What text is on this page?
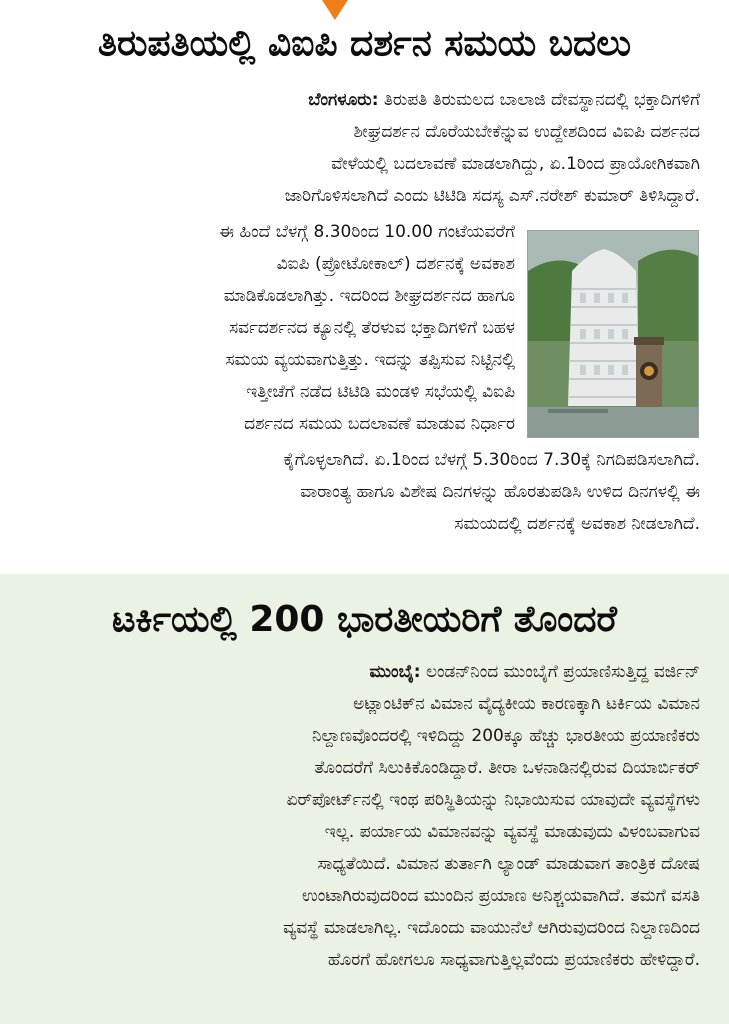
ತಿರುಪತಿಯಲ್ಲಿ ವಿಐಪಿ ದರ್ಶನ ಸಮಯ ಬದಲು
ಬೆಂಗಳೂರು: ತಿರುಪತಿ ತಿರುಮಲದ ಬಾಲಾಜಿ ದೇವಸ್ಥಾನದಲ್ಲಿ ಭಕ್ತಾದಿಗಳಿಗೆ
ಶೀಘ್ರದರ್ಶನ ದೊರೆಯಬೇಕೆನ್ನುವ ಉದ್ದೇಶದಿಂದ ವಿಐಪಿ ದರ್ಶನದ
ವೇಳೆಯಲ್ಲಿ ಬದಲಾವಣೆ ಮಾಡಲಾಗಿದ್ದು, ಏ.1ರಿಂದ ಪ್ರಾಯೋಗಿಕವಾಗಿ
ಜಾರಿಗೊಳಿಸಲಾಗಿದೆ ಎಂದು ಟಿಟಿಡಿ ಸದಸ್ಯ ಎಸ್.ನರೇಶ್ ಕುಮಾರ್ ತಿಳಿಸಿದ್ದಾರೆ.
ಈ ಹಿಂದೆ ಬೆಳಗ್ಗೆ 8.30ರಿಂದ 10.00 ಗಂಟೆಯವರೆಗೆ
ವಿಐಪಿ (ಪ್ರೋಟೋಕಾಲ್) ದರ್ಶನಕ್ಕೆ ಅವಕಾಶ
ಮಾಡಿಕೊಡಲಾಗಿತ್ತು. ಇದರಿಂದ ಶೀಘ್ರದರ್ಶನದ ಹಾಗೂ
ಸರ್ವದರ್ಶನದ ಕ್ಯೂನಲ್ಲಿ ತೆರಳುವ ಭಕ್ತಾದಿಗಳಿಗೆ ಬಹಳ
ಸಮಯ ವ್ಯಯವಾಗುತ್ತಿತ್ತು. ಇದನ್ನು ತಪ್ಪಿಸುವ ನಿಟ್ಟಿನಲ್ಲಿ
ಇತ್ತೀಚೆಗೆ ನಡೆದ ಟಿಟಿಡಿ ಮಂಡಳಿ ಸಭೆಯಲ್ಲಿ ವಿಐಪಿ
ದರ್ಶನದ ಸಮಯ ಬದಲಾವಣೆ ಮಾಡುವ ನಿರ್ಧಾರ
ಕೈಗೊಳ್ಳಲಾಗಿದೆ. ಏ.1ರಿಂದ ಬೆಳಗ್ಗೆ 5.30ರಿಂದ 7.30ಕ್ಕೆ ನಿಗದಿಪಡಿಸಲಾಗಿದೆ.
ವಾರಾಂತ್ಯ ಹಾಗೂ ವಿಶೇಷ ದಿನಗಳನ್ನು ಹೊರತುಪಡಿಸಿ ಉಳಿದ ದಿನಗಳಲ್ಲಿ ಈ
ಸಮಯದಲ್ಲಿ ದರ್ಶನಕ್ಕೆ ಅವಕಾಶ ನೀಡಲಾಗಿದೆ.
ಟರ್ಕಿಯಲ್ಲಿ 200 ಭಾರತೀಯರಿಗೆ ತೊಂದರೆ
ಮುಂಬೈ: ಲಂಡನ್‌ನಿಂದ ಮುಂಬೈಗೆ ಪ್ರಯಾಣಿಸುತ್ತಿದ್ದ ವರ್ಜಿನ್
ಅಟ್ಲಾಂಟಿಕ್‌ನ ವಿಮಾನ ವೈದ್ಯಕೀಯ ಕಾರಣಕ್ಕಾಗಿ ಟರ್ಕಿಯ ವಿಮಾನ
ನಿಲ್ದಾಣವೊಂದರಲ್ಲಿ ಇಳಿದಿದ್ದು 200ಕ್ಕೂ ಹೆಚ್ಚು ಭಾರತೀಯ ಪ್ರಯಾಣಿಕರು
ತೊಂದರೆಗೆ ಸಿಲುಕಿಕೊಂಡಿದ್ದಾರೆ. ತೀರಾ ಒಳನಾಡಿನಲ್ಲಿರುವ ದಿಯಾರ್ಬಿಕರ್
ಏರ್‌ಪೋರ್ಟ್‌ನಲ್ಲಿ ಇಂಥ ಪರಿಸ್ಥಿತಿಯನ್ನು ನಿಭಾಯಿಸುವ ಯಾವುದೇ ವ್ಯವಸ್ಥೆಗಳು
ಇಲ್ಲ. ಪರ್ಯಾಯ ವಿಮಾನವನ್ನು ವ್ಯವಸ್ಥೆ ಮಾಡುವುದು ವಿಳಂಬವಾಗುವ
ಸಾಧ್ಯತೆಯಿದೆ. ವಿಮಾನ ತುರ್ತಾಗಿ ಲ್ಯಾಂಡ್ ಮಾಡುವಾಗ ತಾಂತ್ರಿಕ ದೋಷ
ಉಂಟಾಗಿರುವುದರಿಂದ ಮುಂದಿನ ಪ್ರಯಾಣ ಅನಿಶ್ಚಯವಾಗಿದೆ. ತಮಗೆ ವಸತಿ
ವ್ಯವಸ್ಥೆ ಮಾಡಲಾಗಿಲ್ಲ. ಇದೊಂದು ವಾಯುನೆಲೆ ಆಗಿರುವುದರಿಂದ ನಿಲ್ದಾಣದಿಂದ
ಹೊರಗೆ ಹೋಗಲೂ ಸಾಧ್ಯವಾಗುತ್ತಿಲ್ಲವೆಂದು ಪ್ರಯಾಣಿಕರು ಹೇಳಿದ್ದಾರೆ.
